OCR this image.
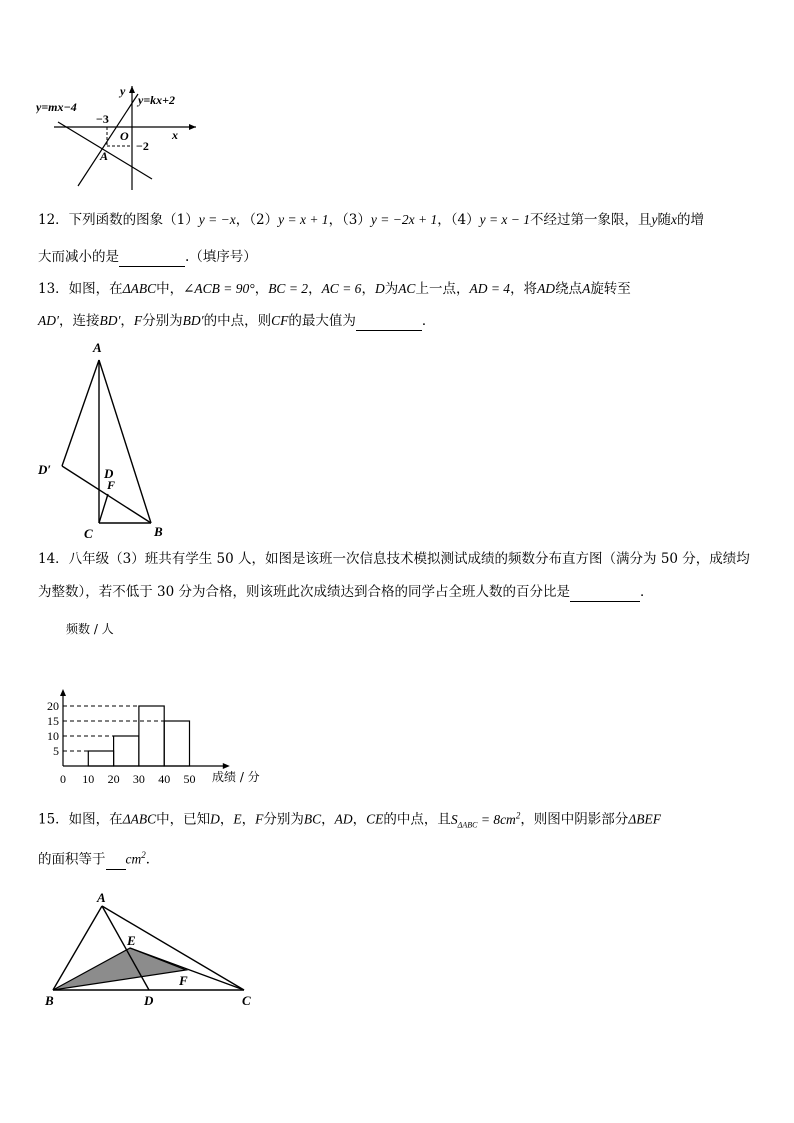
y=mx−4	y=kx+2
y
x
O
−3
−2
A
12．下列函数的图象（1）y = −x，（2）y = x + 1，（3）y = −2x + 1，（4）y = x − 1不经过第一象限，且y随x的增
大而减小的是	.（填序号）
13．如图，在ΔABC中，∠ACB = 90°，BC = 2，AC = 6，D为AC上一点，AD = 4，将AD绕点A旋转至
AD′，连接BD′，F分别为BD′的中点，则CF的最大值为	．
A
D′	D
F
C	B
14．八年级（3）班共有学生 50 人，如图是该班一次信息技术模拟测试成绩的频数分布直方图（满分为 50 分，成绩均
为整数），若不低于 30 分为合格，则该班此次成绩达到合格的同学占全班人数的百分比是	．
0 10 20 30 40 50
5
10
15
20
频数 / 人
成绩 / 分
15．如图，在ΔABC中，已知D，E，F分别为BC，AD，CE的中点，且$S_{\Delta ABC} = 8cm^2$，则图中阴影部分ΔBEF
的面积等于 $cm^2$．
A
E
F
B	D	C
